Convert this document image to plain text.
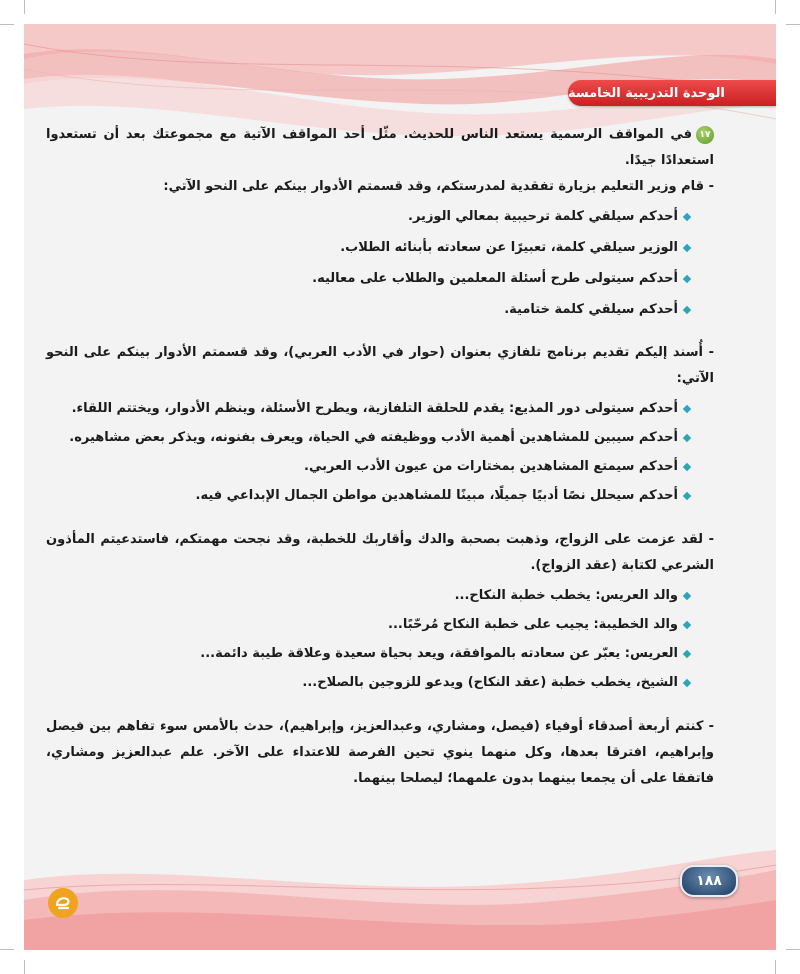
الوحدة التدريبية الخامسة

١٧
في المواقف الرسمية يستعد الناس للحديث. مثّل أحد المواقف الآتية مع مجموعتك بعد أن تستعدوا استعدادًا جيدًا.

- قام وزير التعليم بزيارة تفقدية لمدرستكم، وقد قسمتم الأدوار بينكم على النحو الآتي:

أحدكم سيلقي كلمة ترحيبية بمعالي الوزير.
الوزير سيلقي كلمة، تعبيرًا عن سعادته بأبنائه الطلاب.
أحدكم سيتولى طرح أسئلة المعلمين والطلاب على معاليه.
أحدكم سيلقي كلمة ختامية.

- أُسند إليكم تقديم برنامج تلفازي بعنوان (حوار في الأدب العربي)، وقد قسمتم الأدوار بينكم على النحو الآتي:

أحدكم سيتولى دور المذيع: يقدم للحلقة التلفازية، ويطرح الأسئلة، وينظم الأدوار، ويختتم اللقاء.
أحدكم سيبين للمشاهدين أهمية الأدب ووظيفته في الحياة، ويعرف بفنونه، ويذكر بعض مشاهيره.
أحدكم سيمتع المشاهدين بمختارات من عيون الأدب العربي.
أحدكم سيحلل نصًا أدبيًا جميلًا، مبينًا للمشاهدين مواطن الجمال الإبداعي فيه.

- لقد عزمت على الزواج، وذهبت بصحبة والدك وأقاربك للخطبة، وقد نجحت مهمتكم، فاستدعيتم المأذون الشرعي لكتابة (عقد الزواج).

والد العريس: يخطب خطبة النكاح...
والد الخطيبة: يجيب على خطبة النكاح مُرحّبًا...
العريس: يعبّر عن سعادته بالموافقة، ويعد بحياة سعيدة وعلاقة طيبة دائمة...
الشيخ، يخطب خطبة (عقد النكاح) ويدعو للزوجين بالصلاح...

- كنتم أربعة أصدقاء أوفياء (فيصل، ومشاري، وعبدالعزيز، وإبراهيم)، حدث بالأمس سوء تفاهم بين فيصل وإبراهيم، افترقا بعدها، وكل منهما ينوي تحين الفرصة للاعتداء على الآخر. علم عبدالعزيز ومشاري، فاتفقا على أن يجمعا بينهما بدون علمهما؛ ليصلحا بينهما.

١٨٨
